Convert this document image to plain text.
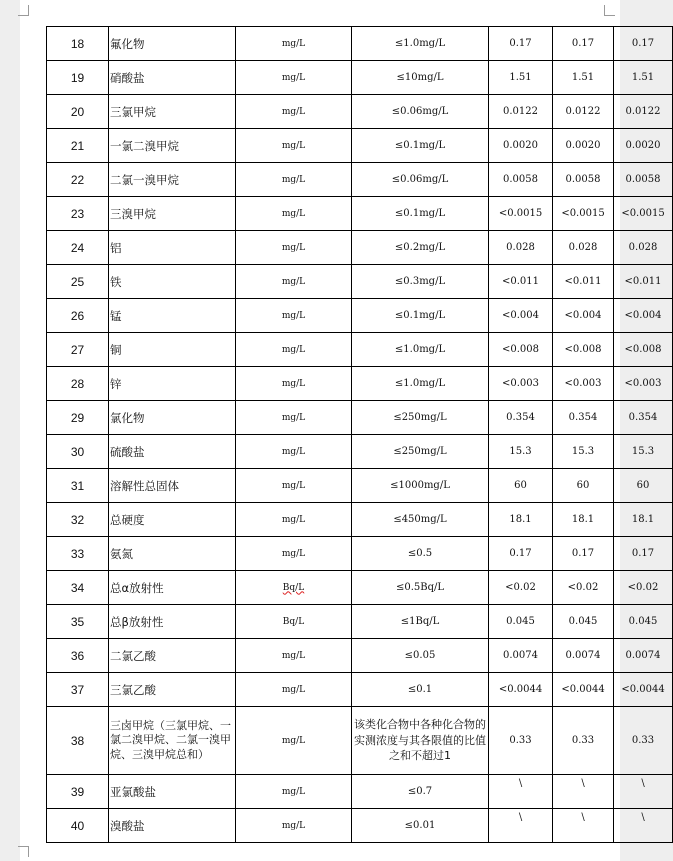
18	氟化物	mg/L	≤1.0mg/L	0.17	0.17	0.17
19	硝酸盐	mg/L	≤10mg/L	1.51	1.51	1.51
20	三氯甲烷	mg/L	≤0.06mg/L	0.0122	0.0122	0.0122
21	一氯二溴甲烷	mg/L	≤0.1mg/L	0.0020	0.0020	0.0020
22	二氯一溴甲烷	mg/L	≤0.06mg/L	0.0058	0.0058	0.0058
23	三溴甲烷	mg/L	≤0.1mg/L	<0.0015	<0.0015	<0.0015
24	铝	mg/L	≤0.2mg/L	0.028	0.028	0.028
25	铁	mg/L	≤0.3mg/L	<0.011	<0.011	<0.011
26	锰	mg/L	≤0.1mg/L	<0.004	<0.004	<0.004
27	铜	mg/L	≤1.0mg/L	<0.008	<0.008	<0.008
28	锌	mg/L	≤1.0mg/L	<0.003	<0.003	<0.003
29	氯化物	mg/L	≤250mg/L	0.354	0.354	0.354
30	硫酸盐	mg/L	≤250mg/L	15.3	15.3	15.3
31	溶解性总固体	mg/L	≤1000mg/L	60	60	60
32	总硬度	mg/L	≤450mg/L	18.1	18.1	18.1
33	氨氮	mg/L	≤0.5	0.17	0.17	0.17
34	总α放射性	Bq/L	≤0.5Bq/L	<0.02	<0.02	<0.02
35	总β放射性	Bq/L	≤1Bq/L	0.045	0.045	0.045
36	二氯乙酸	mg/L	≤0.05	0.0074	0.0074	0.0074
37	三氯乙酸	mg/L	≤0.1	<0.0044	<0.0044	<0.0044
38	三卤甲烷（三氯甲烷、一氯二溴甲烷、二氯一溴甲烷、三溴甲烷总和）	mg/L	该类化合物中各种化合物的实测浓度与其各限值的比值之和不超过1	0.33	0.33	0.33
39	亚氯酸盐	mg/L	≤0.7	\	\	\
40	溴酸盐	mg/L	≤0.01	\	\	\
